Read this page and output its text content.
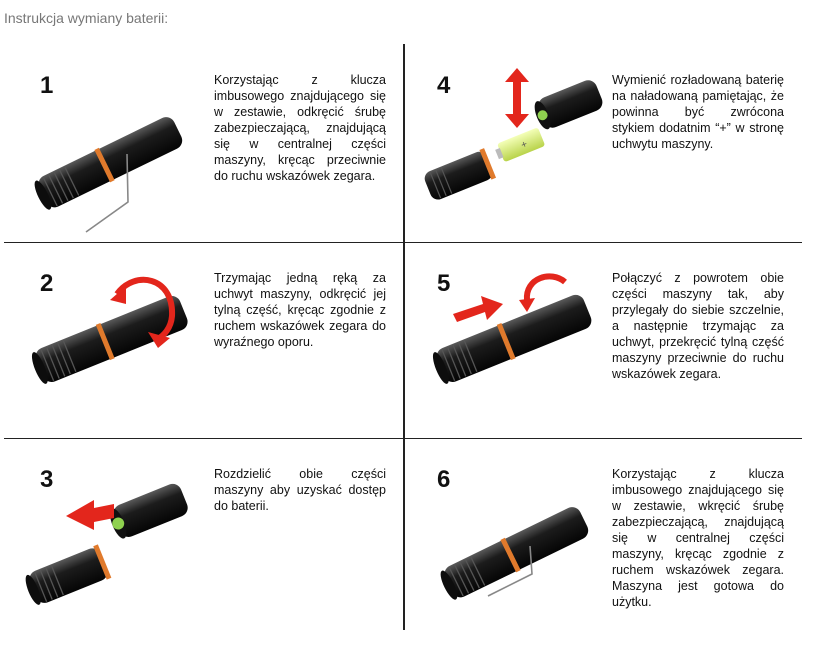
Instrukcja wymiany baterii:
1	Korzystając z klucza imbusowego znajdującego się w zestawie, odkręcić śrubę zabezpieczającą, znajdującą się w centralnej części maszyny, kręcąc przeciwnie do ruchu wskazówek zegara.
2	Trzymając jedną ręką za uchwyt maszyny, odkręcić jej tylną część, kręcąc zgodnie z ruchem wskazówek zegara do wyraźnego oporu.
3	Rozdzielić obie części maszyny aby uzyskać dostęp do baterii.
4
+
Wymienić rozładowaną baterię na naładowaną pamiętając, że powinna być zwrócona stykiem dodatnim “+” w stronę uchwytu maszyny.
5	Połączyć z powrotem obie części maszyny tak, aby przylegały do siebie szczelnie, a następnie trzymając za uchwyt, przekręcić tylną część maszyny przeciwnie do ruchu wskazówek zegara.
6	Korzystając z klucza imbusowego znajdującego się w zestawie, wkręcić śrubę zabezpieczającą, znajdującą się w centralnej części maszyny, kręcąc zgodnie z ruchem wskazówek zegara. Maszyna jest gotowa do użytku.
